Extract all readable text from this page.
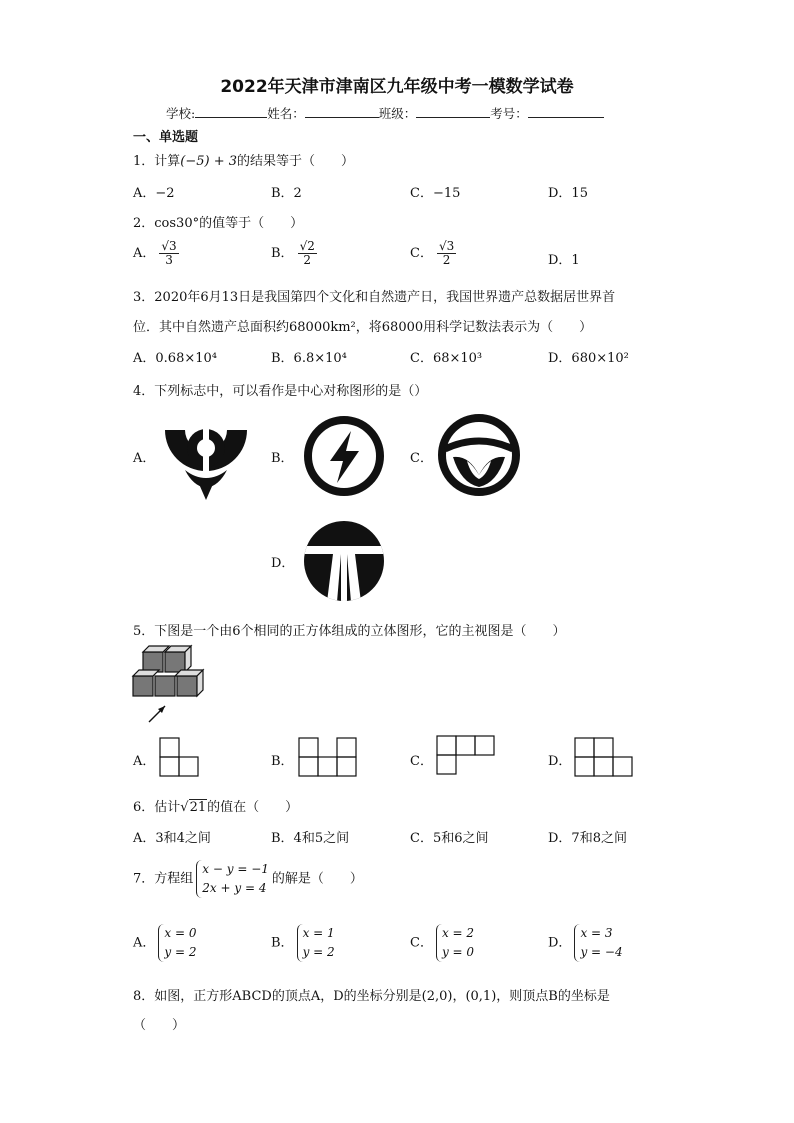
2022年天津市津南区九年级中考一模数学试卷
学校:	姓名：	班级：	考号：
一、单选题
1．计算(−5) + 3的结果等于（　　）
A．−2	B．2	C．−15	D．15
2．cos30°的值等于（　　）
A． $\frac{√3}{3}$	B． $\frac{√2}{2}$	C． $\frac{√3}{2}$	D．1
3．2020年6月13日是我国第四个文化和自然遗产日，我国世界遗产总数据居世界首
位．其中自然遗产总面积约68000km²，将68000用科学记数法表示为（　　）
A．0.68×10⁴	B．6.8×10⁴	C．68×10³	D．680×10²
4．下列标志中，可以看作是中心对称图形的是（）
A．	B．	C．
D．
5．下图是一个由6个相同的正方体组成的立体图形，它的主视图是（　　）
A．	B．	C．	D．
6．估计√21的值在（　　）
A．3和4之间	B．4和5之间	C．5和6之间	D．7和8之间
7．方程组
x − y = −1
2x + y = 4
的解是（　　）
A．
x = 0
y = 2
B．
x = 1
y = 2
C．
x = 2
y = 0
D．
x = 3
y = −4
8．如图，正方形ABCD的顶点A，D的坐标分别是(2,0)，(0,1)，则顶点B的坐标是
（　　）
